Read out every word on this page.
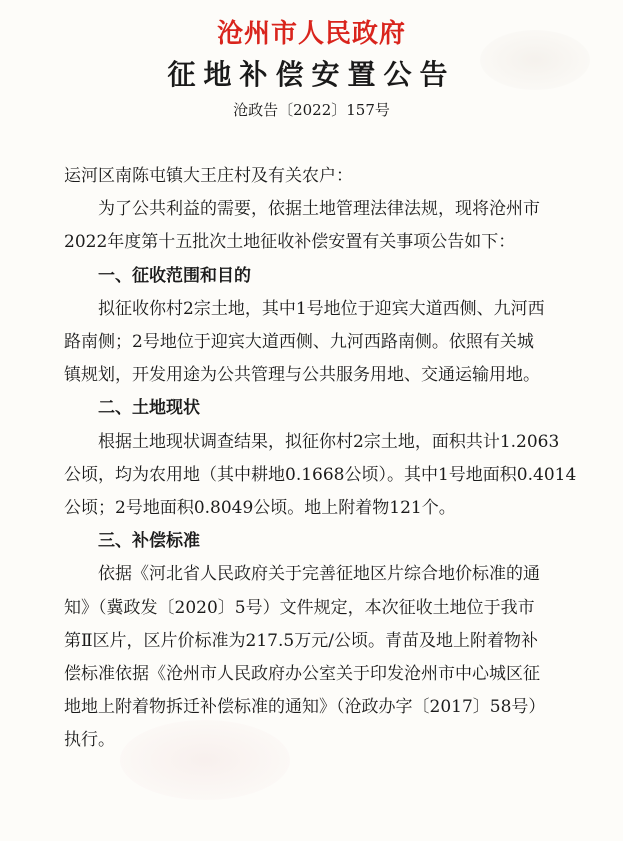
沧州市人民政府
征地补偿安置公告
沧政告〔2022〕157号

运河区南陈屯镇大王庄村及有关农户：

为了公共利益的需要，依据土地管理法律法规，现将沧州市

2022年度第十五批次土地征收补偿安置有关事项公告如下：

一、征收范围和目的

拟征收你村2宗土地，其中1号地位于迎宾大道西侧、九河西

路南侧；2号地位于迎宾大道西侧、九河西路南侧。依照有关城

镇规划，开发用途为公共管理与公共服务用地、交通运输用地。

二、土地现状

根据土地现状调查结果，拟征你村2宗土地，面积共计1.2063

公顷，均为农用地（其中耕地0.1668公顷）。其中1号地面积0.4014

公顷；2号地面积0.8049公顷。地上附着物121个。

三、补偿标准

依据《河北省人民政府关于完善征地区片综合地价标准的通

知》（冀政发〔2020〕5号）文件规定，本次征收土地位于我市

第Ⅱ区片，区片价标准为217.5万元/公顷。青苗及地上附着物补

偿标准依据《沧州市人民政府办公室关于印发沧州市中心城区征

地地上附着物拆迁补偿标准的通知》（沧政办字〔2017〕58号）

执行。
